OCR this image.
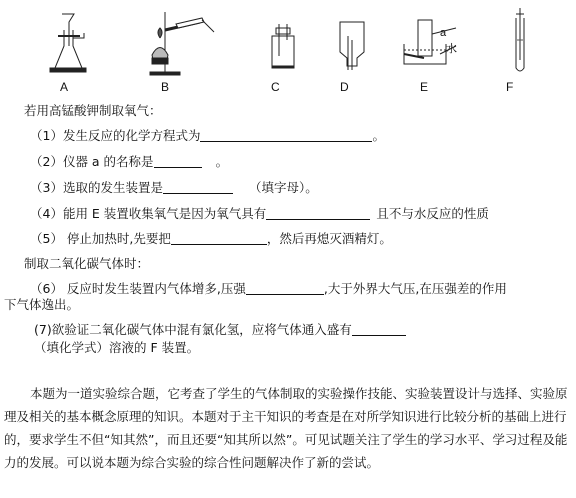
a
水
A	B	C	D	E	F
若用高锰酸钾制取氧气：
（1）发生反应的化学方程式为	。
（2）仪器 a 的名称是	。
（3）选取的发生装置是	（填字母）。
（4）能用 E 装置收集氧气是因为氧气具有	且不与水反应的性质
（5） 停止加热时,先要把	，然后再熄灭酒精灯。
制取二氧化碳气体时：
（6） 反应时发生装置内气体增多,压强	,大于外界大气压,在压强差的作用
下气体逸出。
(7)欲验证二氧化碳气体中混有氯化氢，应将气体通入盛有
（填化学式）溶液的 F 装置。
本题为一道实验综合题，它考查了学生的气体制取的实验操作技能、实验装置设计与选择、实验原理及相关的基本概念原理的知识。本题对于主干知识的考查是在对所学知识进行比较分析的基础上进行的，要求学生不但“知其然”，而且还要“知其所以然”。可见试题关注了学生的学习水平、学习过程及能力的发展。可以说本题为综合实验的综合性问题解决作了新的尝试。
